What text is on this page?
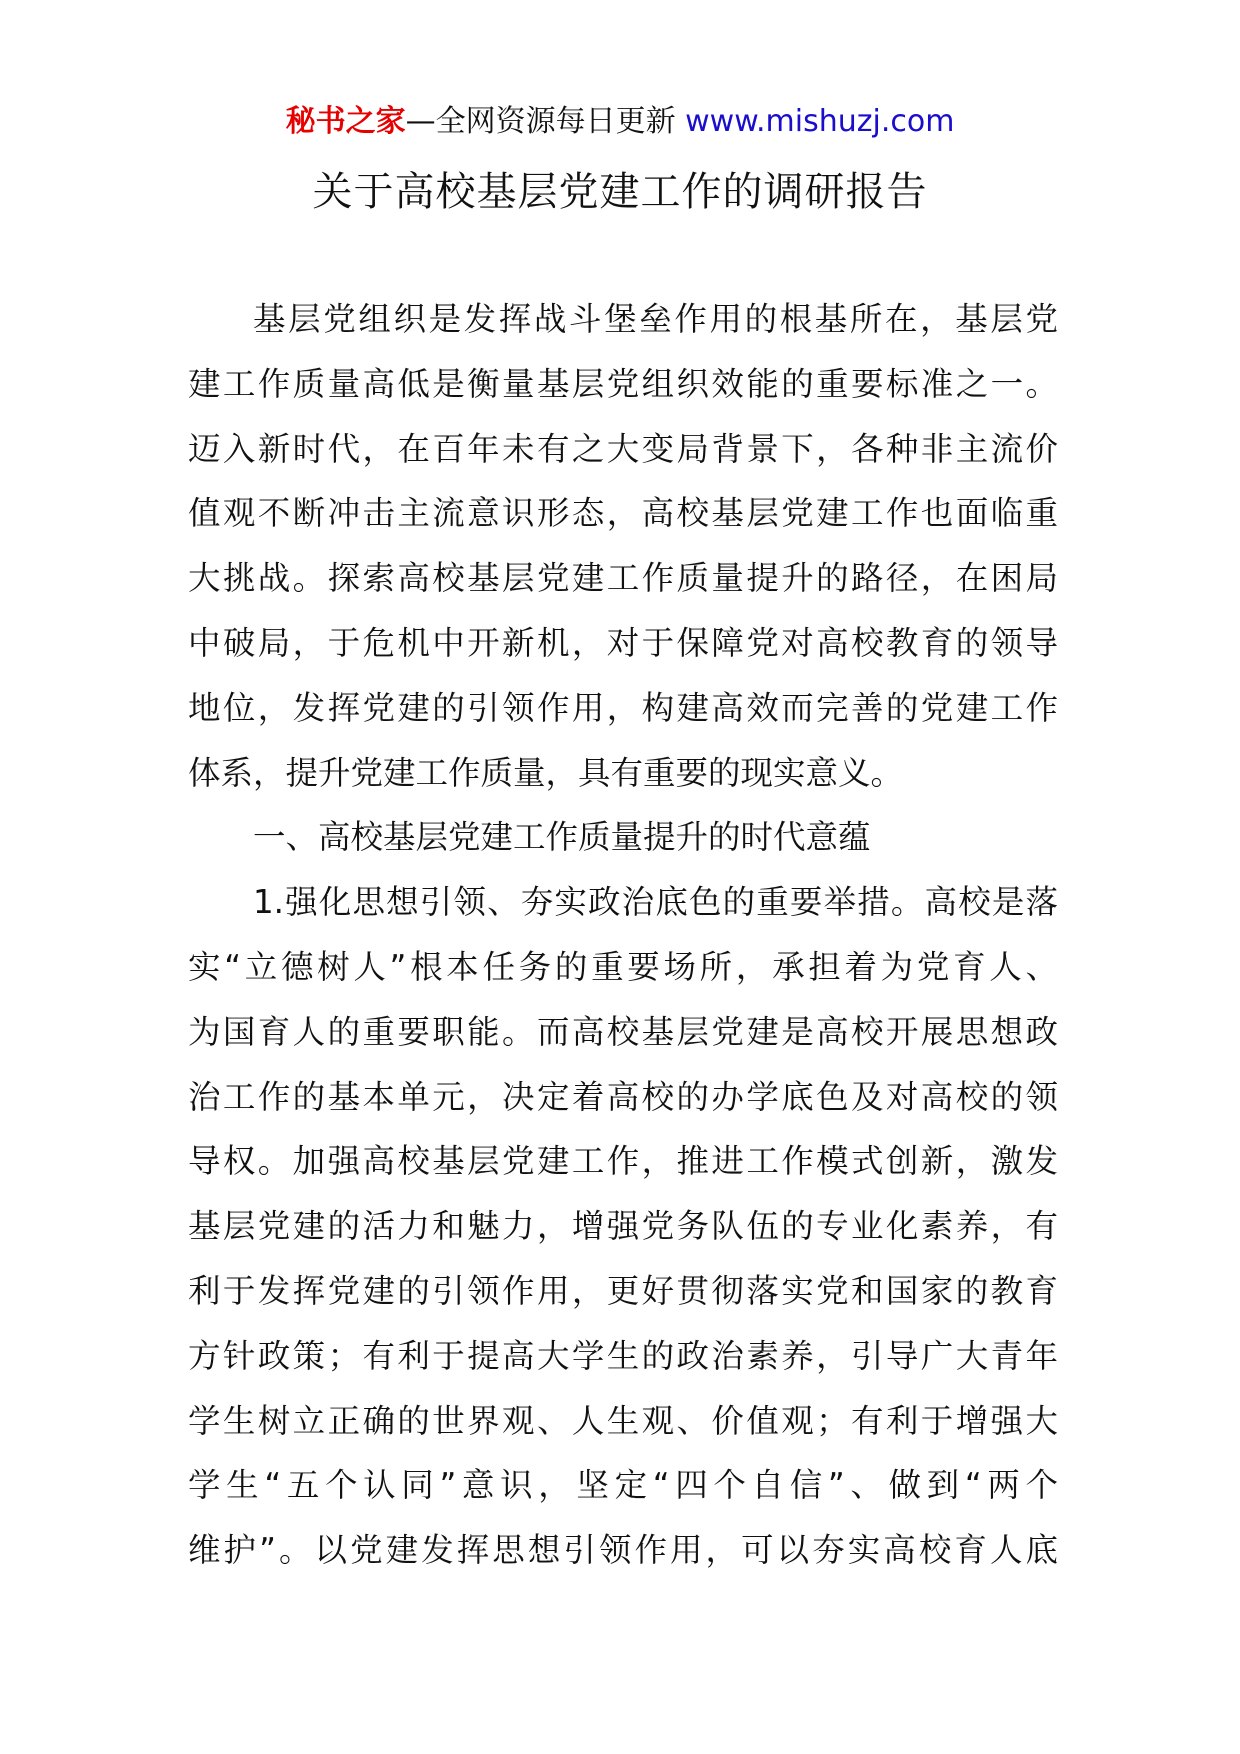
秘书之家—全网资源每日更新 www.mishuzj.com
关于高校基层党建工作的调研报告
基层党组织是发挥战斗堡垒作用的根基所在，基层党
建工作质量高低是衡量基层党组织效能的重要标准之一。
迈入新时代，在百年未有之大变局背景下，各种非主流价
值观不断冲击主流意识形态，高校基层党建工作也面临重
大挑战。探索高校基层党建工作质量提升的路径，在困局
中破局，于危机中开新机，对于保障党对高校教育的领导
地位，发挥党建的引领作用，构建高效而完善的党建工作
体系，提升党建工作质量，具有重要的现实意义。
一、高校基层党建工作质量提升的时代意蕴
1.强化思想引领、夯实政治底色的重要举措。高校是落
实“立德树人”根本任务的重要场所，承担着为党育人、
为国育人的重要职能。而高校基层党建是高校开展思想政
治工作的基本单元，决定着高校的办学底色及对高校的领
导权。加强高校基层党建工作，推进工作模式创新，激发
基层党建的活力和魅力，增强党务队伍的专业化素养，有
利于发挥党建的引领作用，更好贯彻落实党和国家的教育
方针政策；有利于提高大学生的政治素养，引导广大青年
学生树立正确的世界观、人生观、价值观；有利于增强大
学生“五个认同”意识，坚定“四个自信”、做到“两个
维护”。以党建发挥思想引领作用，可以夯实高校育人底
